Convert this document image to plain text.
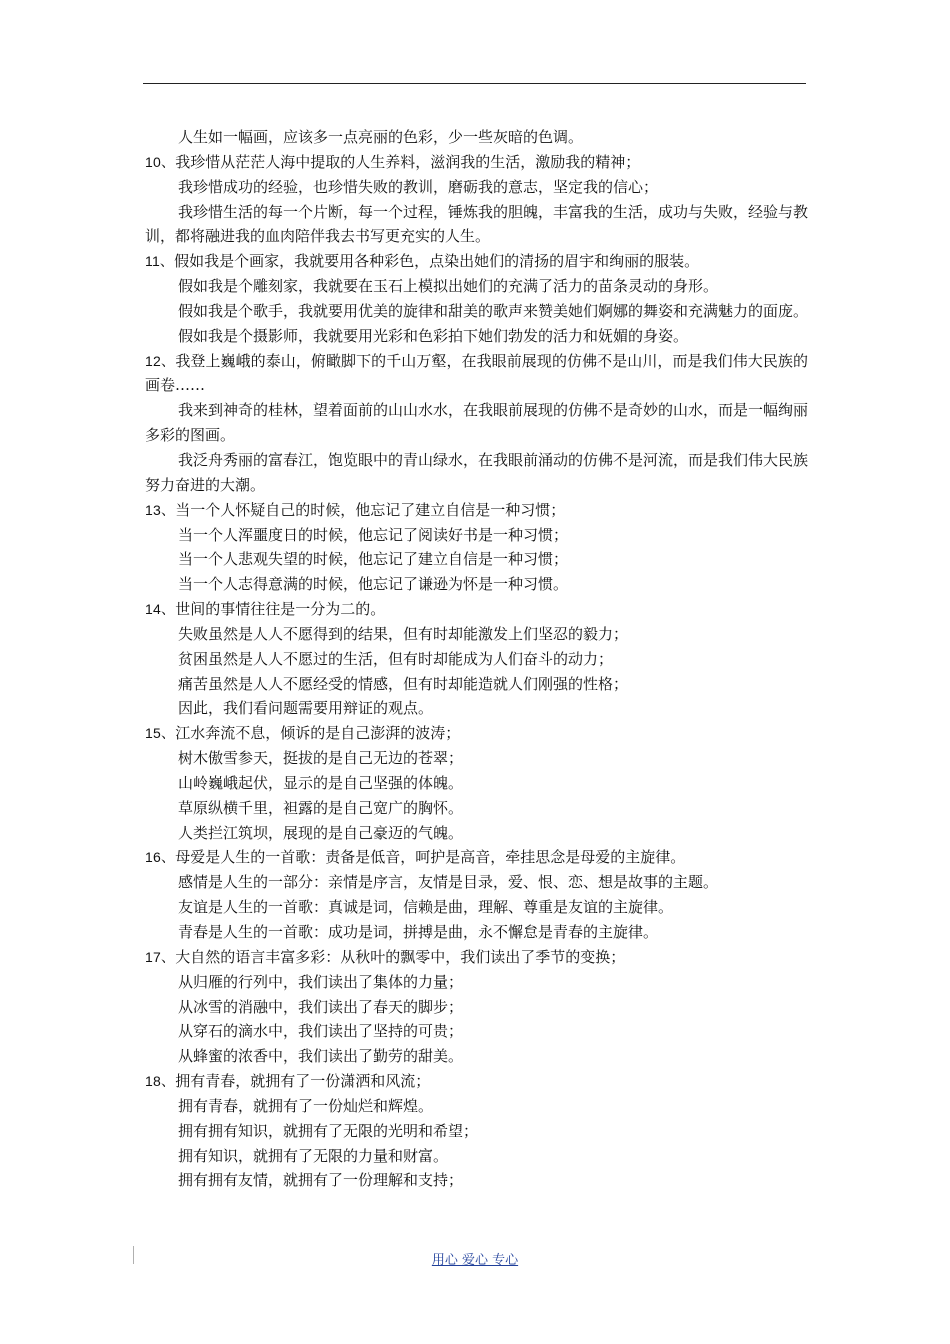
人生如一幅画，应该多一点亮丽的色彩，少一些灰暗的色调。
10、我珍惜从茫茫人海中提取的人生养料，滋润我的生活，激励我的精神；
我珍惜成功的经验，也珍惜失败的教训，磨砺我的意志，坚定我的信心；
我珍惜生活的每一个片断，每一个过程，锤炼我的胆魄，丰富我的生活，成功与失败，经验与教训，都将融进我的血肉陪伴我去书写更充实的人生。
11、假如我是个画家，我就要用各种彩色，点染出她们的清扬的眉宇和绚丽的服装。
假如我是个雕刻家，我就要在玉石上模拟出她们的充满了活力的苗条灵动的身形。
假如我是个歌手，我就要用优美的旋律和甜美的歌声来赞美她们婀娜的舞姿和充满魅力的面庞。
假如我是个摄影师，我就要用光彩和色彩拍下她们勃发的活力和妩媚的身姿。
12、我登上巍峨的泰山，俯瞰脚下的千山万壑，在我眼前展现的仿佛不是山川，而是我们伟大民族的画卷……
我来到神奇的桂林，望着面前的山山水水，在我眼前展现的仿佛不是奇妙的山水，而是一幅绚丽多彩的图画。
我泛舟秀丽的富春江，饱览眼中的青山绿水，在我眼前涌动的仿佛不是河流，而是我们伟大民族努力奋进的大潮。
13、当一个人怀疑自己的时候，他忘记了建立自信是一种习惯；
当一个人浑噩度日的时候，他忘记了阅读好书是一种习惯；
当一个人悲观失望的时候，他忘记了建立自信是一种习惯；
当一个人志得意满的时候，他忘记了谦逊为怀是一种习惯。
14、世间的事情往往是一分为二的。
失败虽然是人人不愿得到的结果，但有时却能激发上们坚忍的毅力；
贫困虽然是人人不愿过的生活，但有时却能成为人们奋斗的动力；
痛苦虽然是人人不愿经受的情感，但有时却能造就人们刚强的性格；
因此，我们看问题需要用辩证的观点。
15、江水奔流不息，倾诉的是自己澎湃的波涛；
树木傲雪参天，挺拔的是自己无边的苍翠；
山岭巍峨起伏，显示的是自己坚强的体魄。
草原纵横千里，袒露的是自己宽广的胸怀。
人类拦江筑坝，展现的是自己豪迈的气魄。
16、母爱是人生的一首歌：责备是低音，呵护是高音，牵挂思念是母爱的主旋律。
感情是人生的一部分：亲情是序言，友情是目录，爱、恨、恋、想是故事的主题。
友谊是人生的一首歌：真诚是词，信赖是曲，理解、尊重是友谊的主旋律。
青春是人生的一首歌：成功是词，拼搏是曲，永不懈怠是青春的主旋律。
17、大自然的语言丰富多彩：从秋叶的飘零中，我们读出了季节的变换；
从归雁的行列中，我们读出了集体的力量；
从冰雪的消融中，我们读出了春天的脚步；
从穿石的滴水中，我们读出了坚持的可贵；
从蜂蜜的浓香中，我们读出了勤劳的甜美。
18、拥有青春，就拥有了一份潇洒和风流；
拥有青春，就拥有了一份灿烂和辉煌。
拥有拥有知识，就拥有了无限的光明和希望；
拥有知识，就拥有了无限的力量和财富。
拥有拥有友情，就拥有了一份理解和支持；
用心 爱心 专心
